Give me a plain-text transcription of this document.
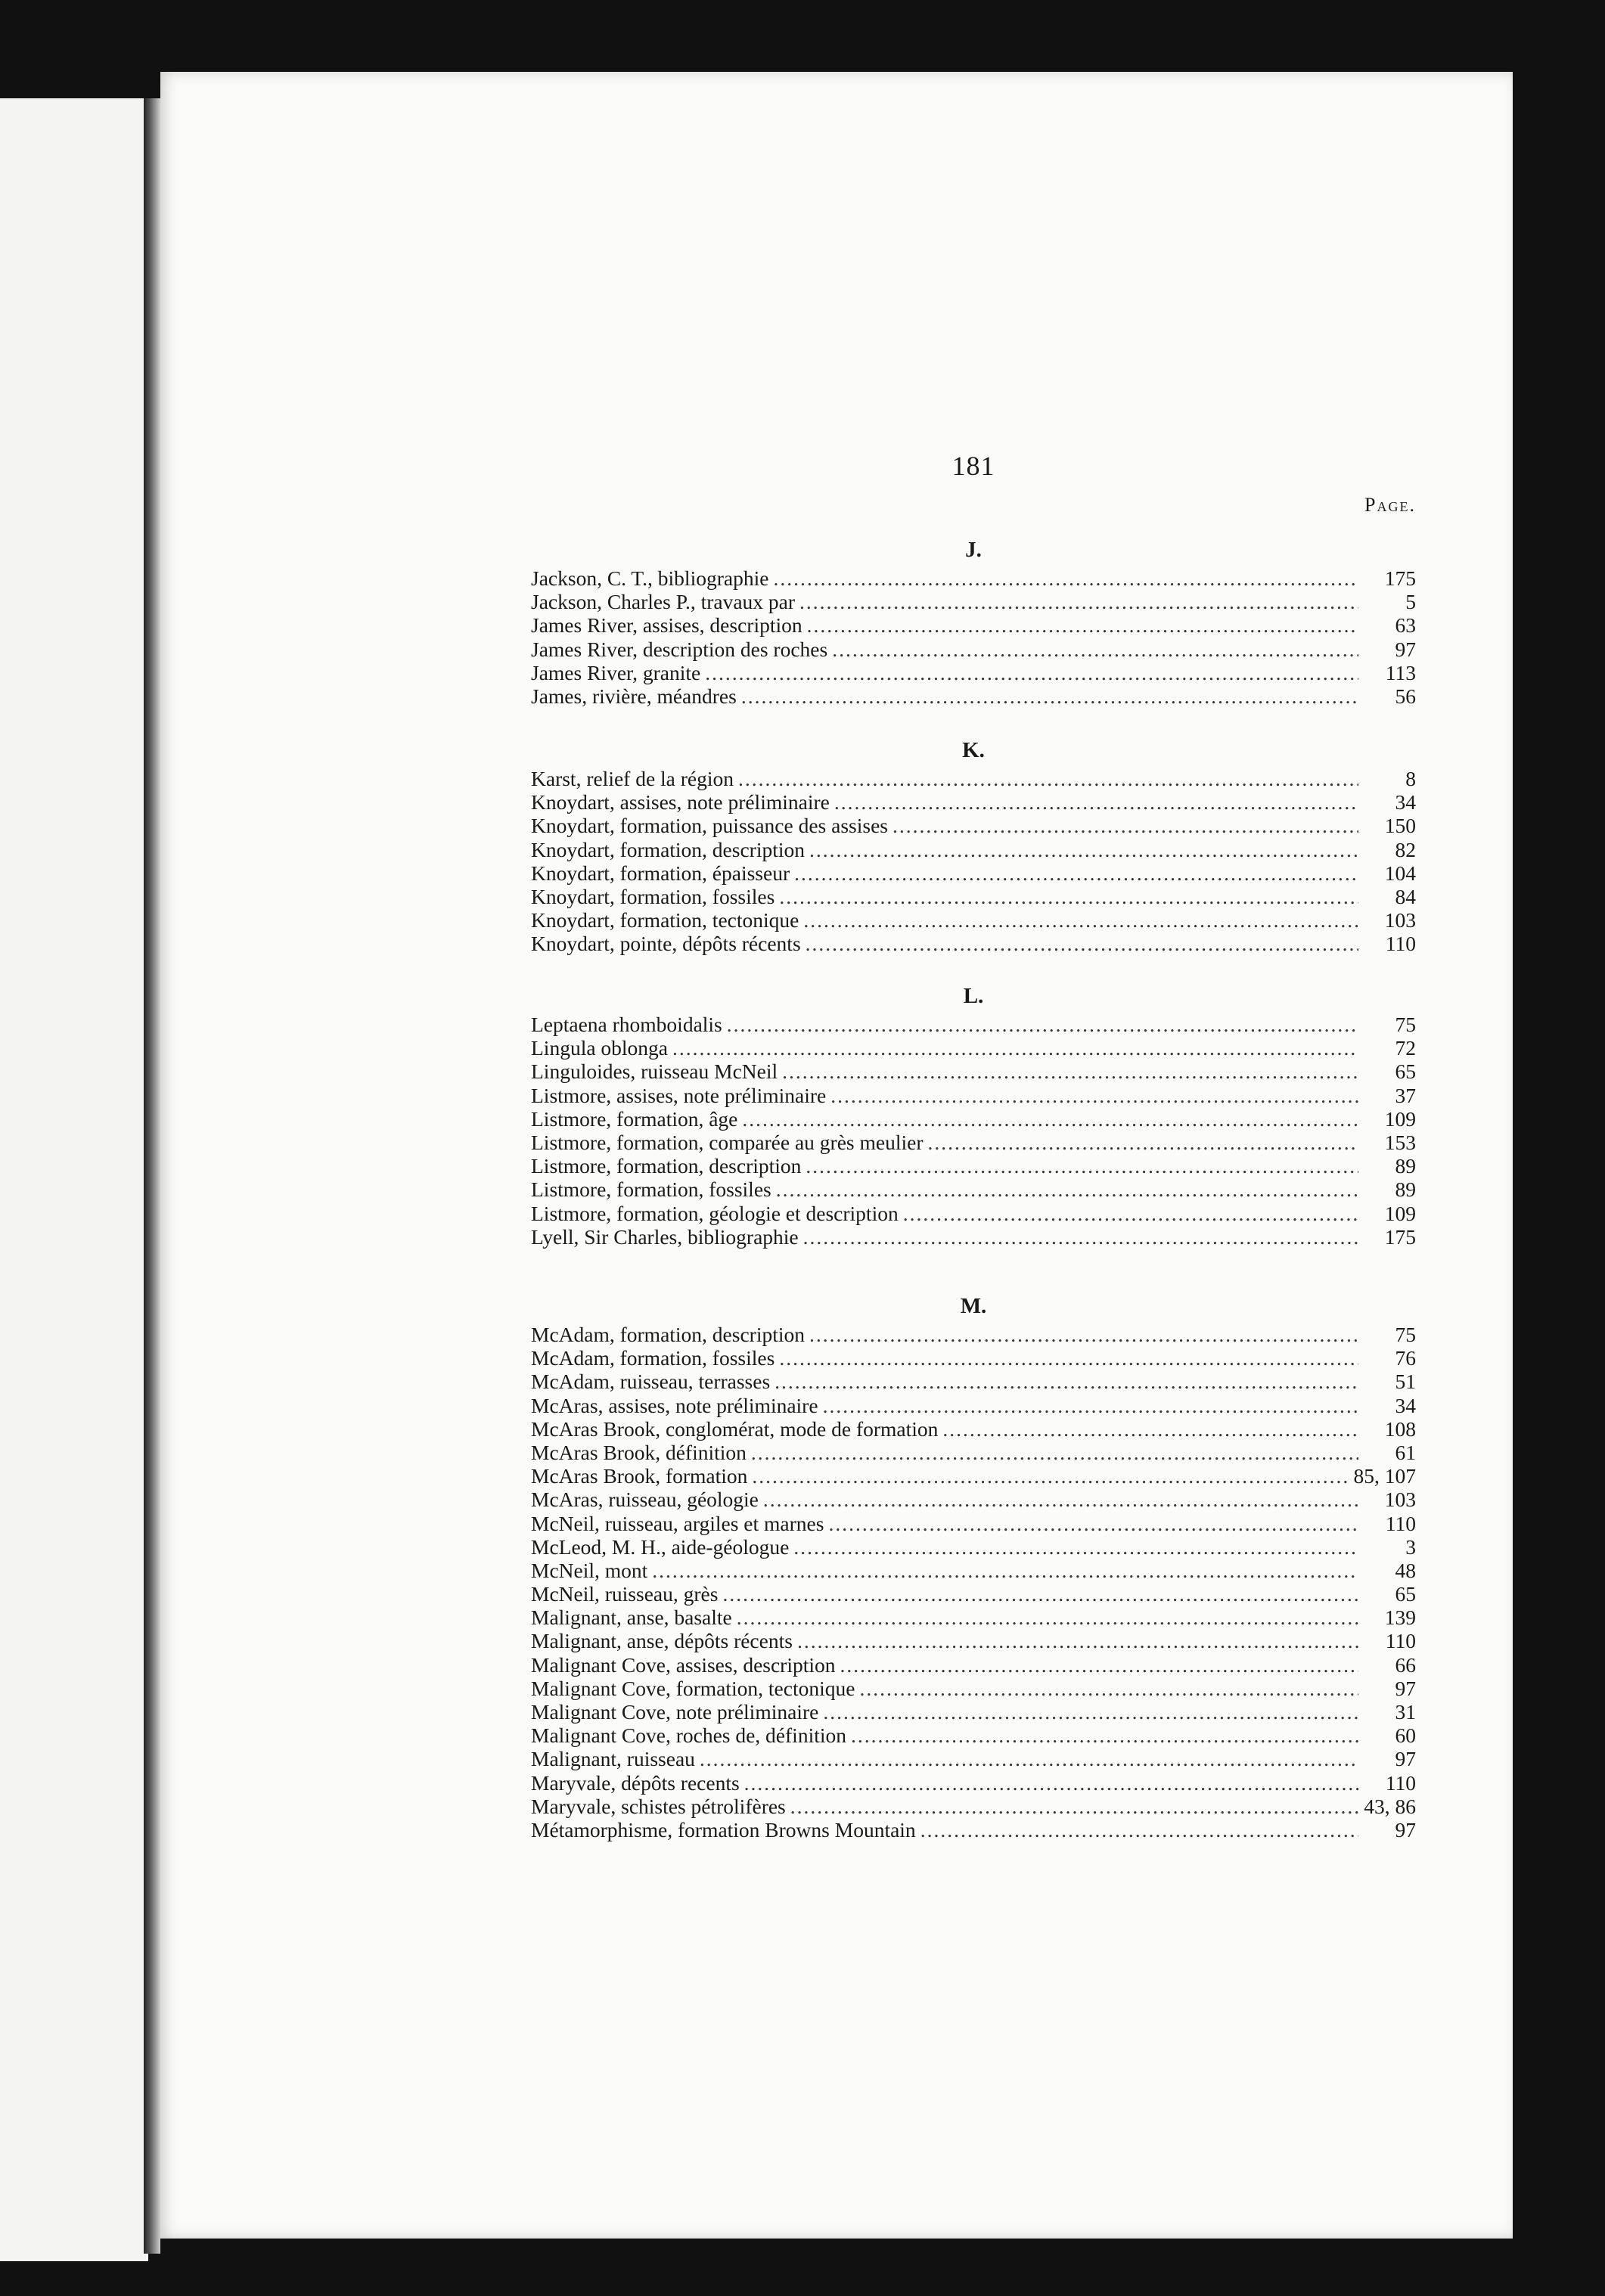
181
Page.
J.
Jackson, C. T., bibliographie .....	175
Jackson, Charles P., travaux par .....	5
James River, assises, description .....	63
James River, description des roches .....	97
James River, granite .....	113
James, rivière, méandres .....	56
K.
Karst, relief de la région .....	8
Knoydart, assises, note préliminaire .....	34
Knoydart, formation, puissance des assises .....	150
Knoydart, formation, description .....	82
Knoydart, formation, épaisseur .....	104
Knoydart, formation, fossiles .....	84
Knoydart, formation, tectonique .....	103
Knoydart, pointe, dépôts récents .....	110
L.
Leptaena rhomboidalis .....	75
Lingula oblonga .....	72
Linguloides, ruisseau McNeil .....	65
Listmore, assises, note préliminaire .....	37
Listmore, formation, âge .....	109
Listmore, formation, comparée au grès meulier .....	153
Listmore, formation, description .....	89
Listmore, formation, fossiles .....	89
Listmore, formation, géologie et description .....	109
Lyell, Sir Charles, bibliographie .....	175
M.
McAdam, formation, description .....	75
McAdam, formation, fossiles .....	76
McAdam, ruisseau, terrasses .....	51
McAras, assises, note préliminaire .....	34
McAras Brook, conglomérat, mode de formation .....	108
McAras Brook, définition .....	61
McAras Brook, formation .....	85, 107
McAras, ruisseau, géologie .....	103
McNeil, ruisseau, argiles et marnes .....	110
McLeod, M. H., aide-géologue .....	3
McNeil, mont .....	48
McNeil, ruisseau, grès .....	65
Malignant, anse, basalte .....	139
Malignant, anse, dépôts récents .....	110
Malignant Cove, assises, description .....	66
Malignant Cove, formation, tectonique .....	97
Malignant Cove, note préliminaire .....	31
Malignant Cove, roches de, définition .....	60
Malignant, ruisseau .....	97
Maryvale, dépôts recents .....	110
Maryvale, schistes pétrolifères .....	43, 86
Métamorphisme, formation Browns Mountain .....	97
